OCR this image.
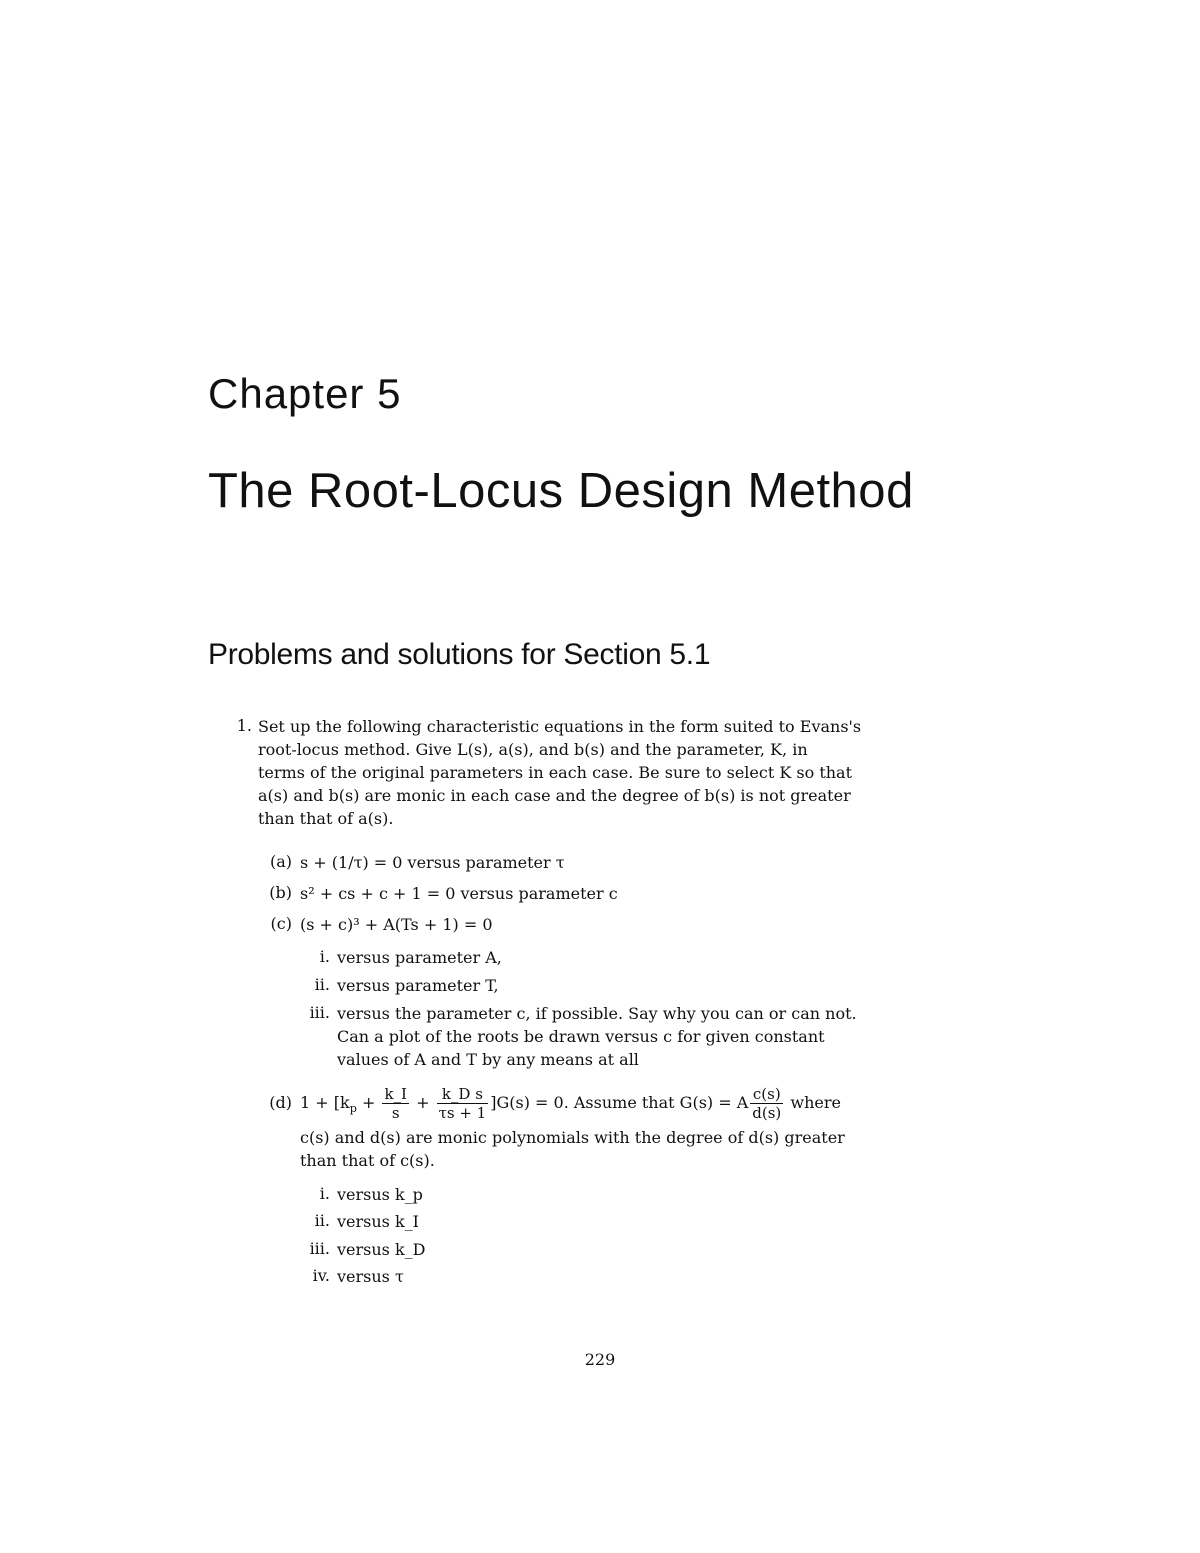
Chapter 5
The Root-Locus Design Method
Problems and solutions for Section 5.1
1. Set up the following characteristic equations in the form suited to Evans's
root-locus method. Give L(s), a(s), and b(s) and the parameter, K, in
terms of the original parameters in each case. Be sure to select K so that
a(s) and b(s) are monic in each case and the degree of b(s) is not greater
than that of a(s).
(a) s + (1/τ) = 0 versus parameter τ
(b) s² + cs + c + 1 = 0 versus parameter c
(c) (s + c)³ + A(Ts + 1) = 0
i. versus parameter A,
ii. versus parameter T,
iii. versus the parameter c, if possible. Say why you can or can not.
Can a plot of the roots be drawn versus c for given constant
values of A and T by any means at all
(d) $1 + [k_p + \frac{k\_I}{s} + \frac{\text{k\_D s}}{\tau s + 1} ]G(s) = 0$. Assume that G(s) = A $\frac{c(s)}{d(s)}$ where
c(s) and d(s) are monic polynomials with the degree of d(s) greater
than that of c(s).
i. versus k_p
ii. versus k_I
iii. versus k_D
iv. versus τ

229
